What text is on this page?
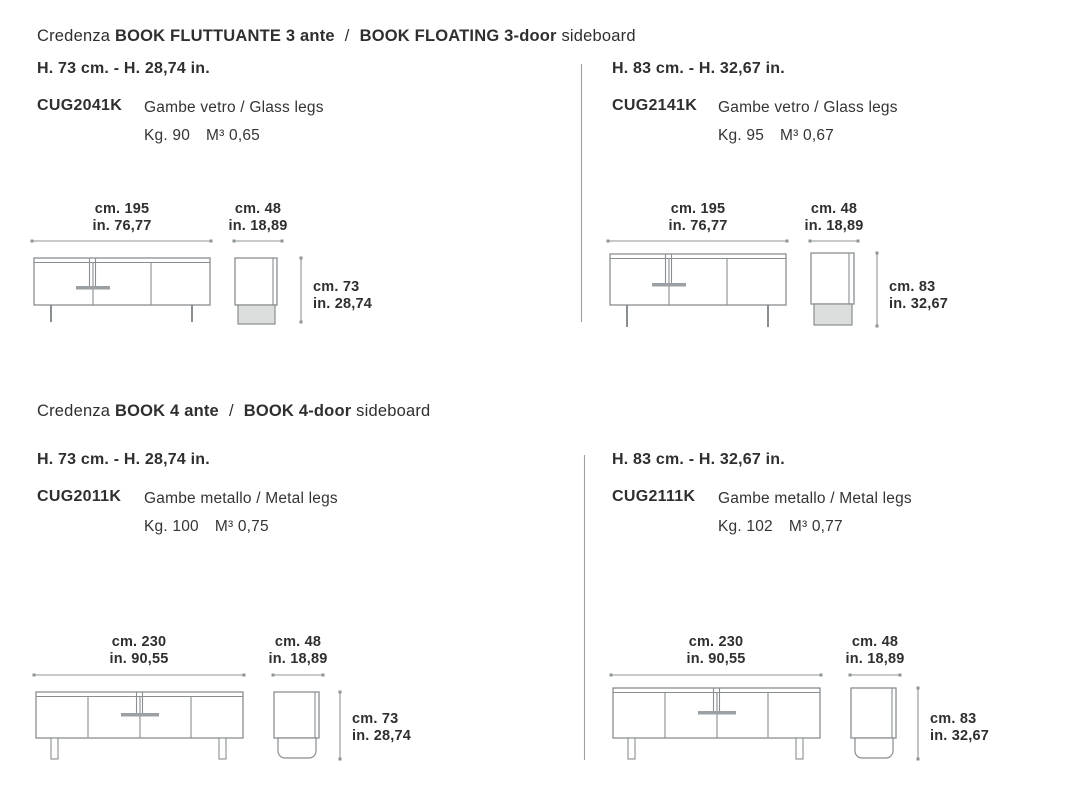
cm. 195
in. 76,77
cm. 48
in. 18,89
cm. 73
in. 28,74
cm. 195
in. 76,77
cm. 48
in. 18,89
cm. 83
in. 32,67
cm. 230
in. 90,55
cm. 48
in. 18,89
cm. 73
in. 28,74
cm. 230
in. 90,55
cm. 48
in. 18,89
cm. 83
in. 32,67
Credenza BOOK FLUTTUANTE 3 ante / BOOK FLOATING 3-door sideboard
H. 73 cm. - H. 28,74 in.
CUG2041K Gambe vetro / Glass legs
Kg. 90 M³ 0,65
H. 83 cm. - H. 32,67 in.
CUG2141K Gambe vetro / Glass legs
Kg. 95 M³ 0,67
Credenza BOOK 4 ante / BOOK 4-door sideboard
H. 73 cm. - H. 28,74 in.
CUG2011K Gambe metallo / Metal legs
Kg. 100 M³ 0,75
H. 83 cm. - H. 32,67 in.
CUG2111K Gambe metallo / Metal legs
Kg. 102 M³ 0,77
